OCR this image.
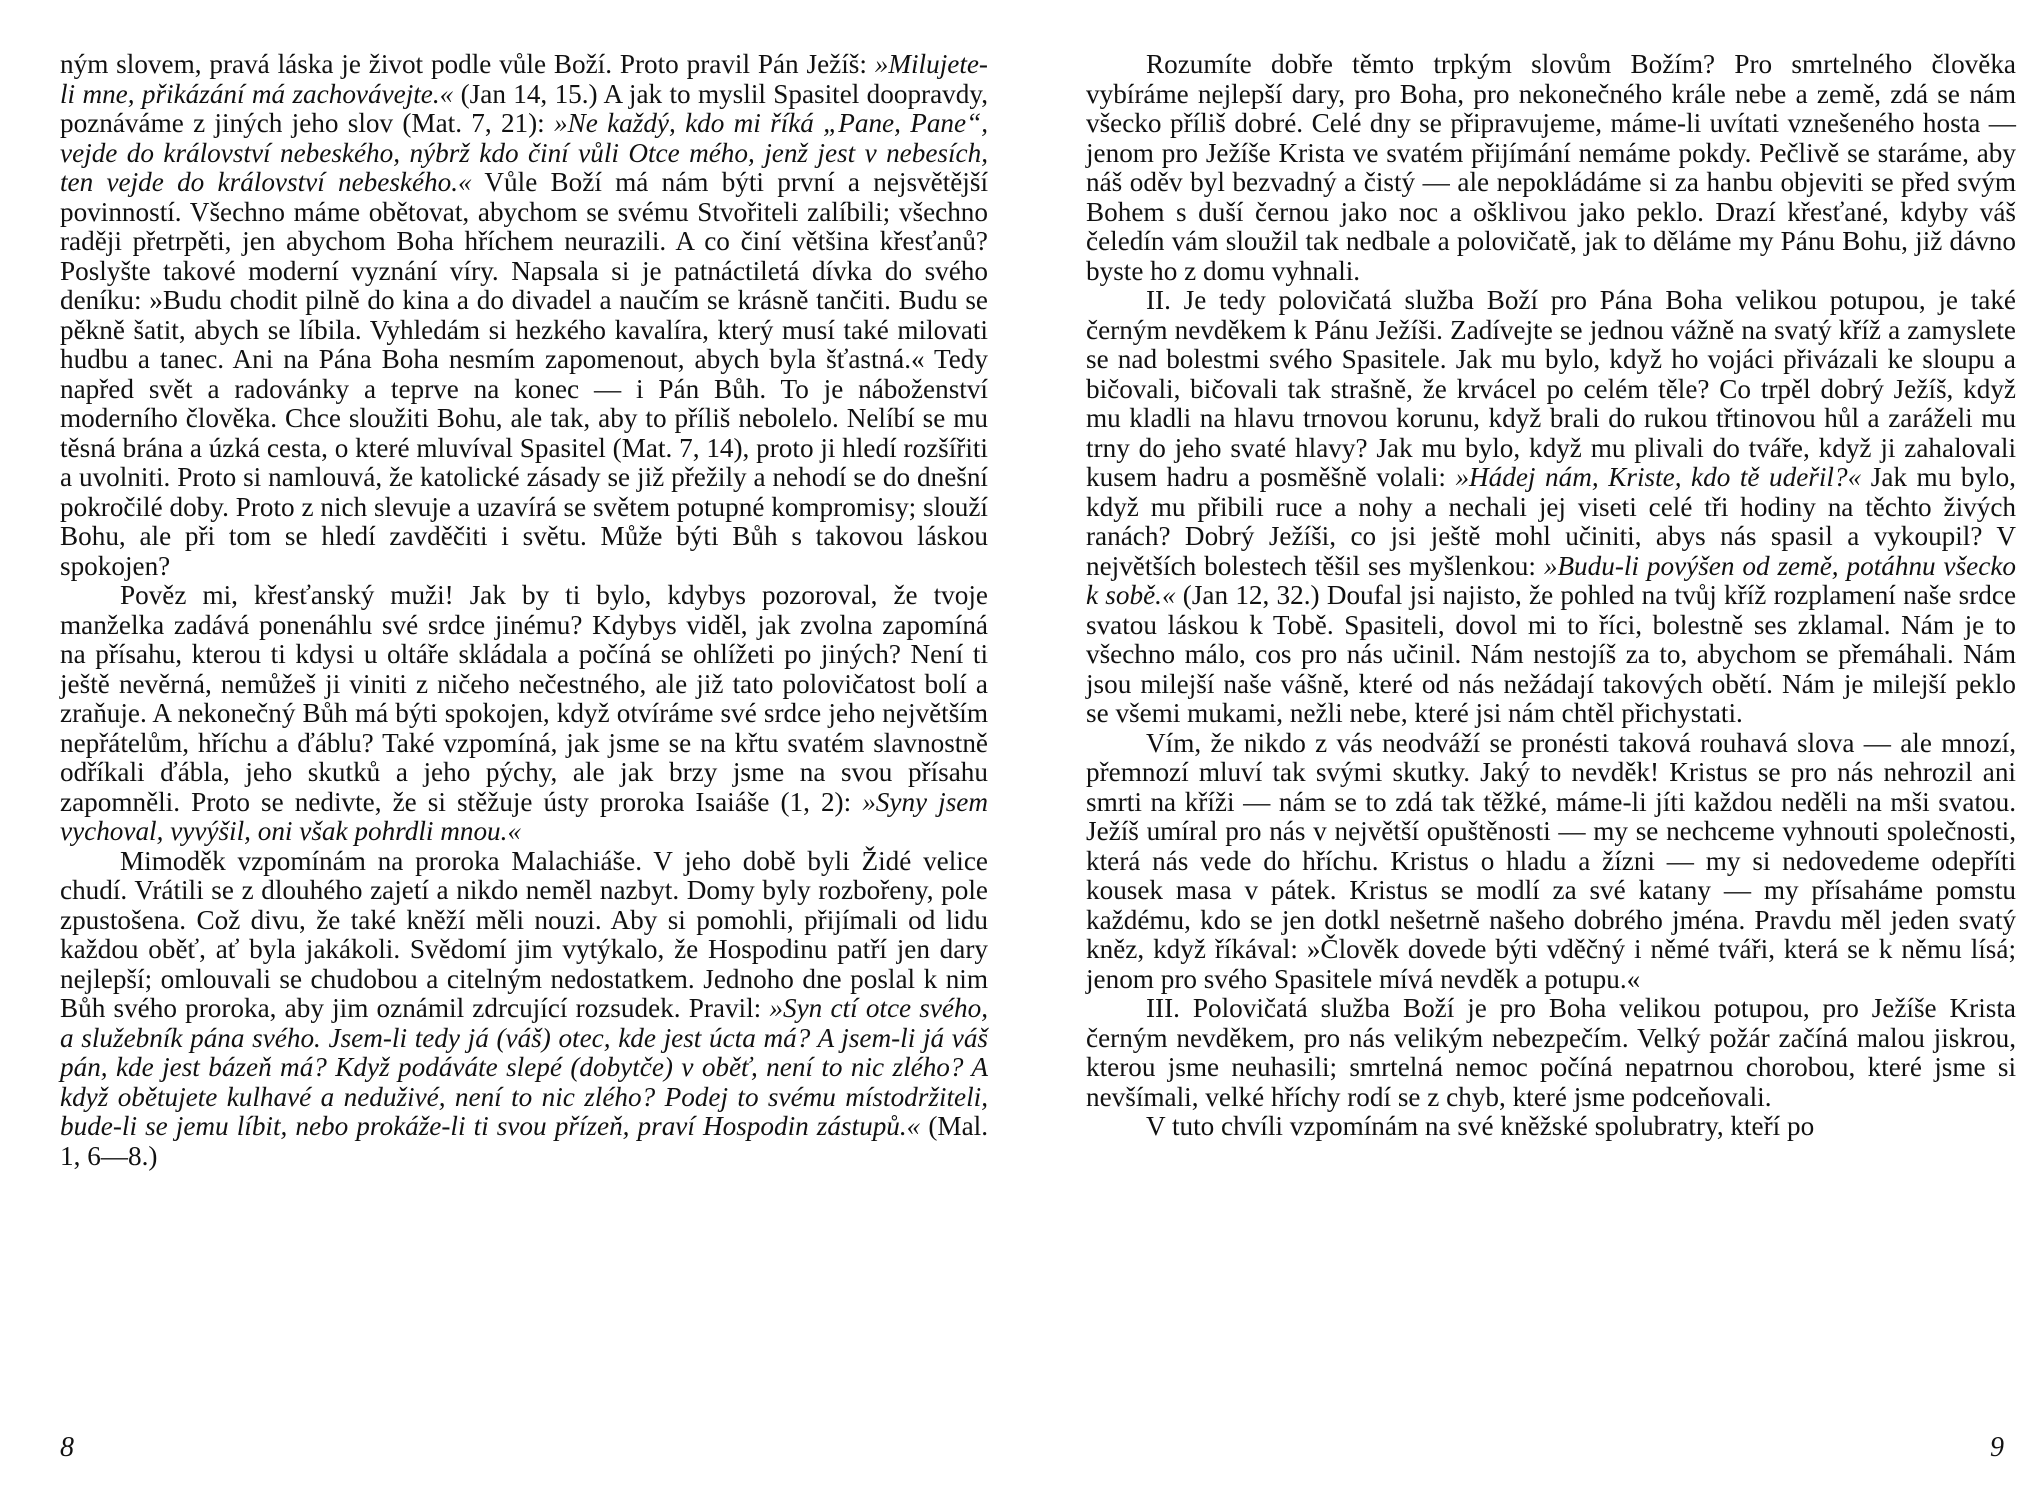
ným slovem, pravá láska je život podle vůle Boží. Proto pravil Pán Ježíš: »Milujete-li mne, přikázání má zachovávejte.« (Jan 14, 15.) A jak to myslil Spasitel doopravdy, poznáváme z jiných jeho slov (Mat. 7, 21): »Ne každý, kdo mi říká „Pane, Pane“, vejde do království nebeského, nýbrž kdo činí vůli Otce mého, jenž jest v nebesích, ten vejde do království nebeského.« Vůle Boží má nám býti první a nejsvětější povinností. Všechno máme obětovat, abychom se svému Stvořiteli zalíbili; všechno raději přetrpěti, jen abychom Boha hříchem neurazili. A co činí většina křesťanů? Poslyšte takové moderní vyznání víry. Napsala si je patnáctiletá dívka do svého deníku: »Budu chodit pilně do kina a do divadel a naučím se krásně tančiti. Budu se pěkně šatit, abych se líbila. Vyhledám si hezkého kavalíra, který musí také milovati hudbu a tanec. Ani na Pána Boha nesmím zapomenout, abych byla šťastná.« Tedy napřed svět a radovánky a teprve na konec — i Pán Bůh. To je náboženství moderního člověka. Chce sloužiti Bohu, ale tak, aby to příliš nebolelo. Nelíbí se mu těsná brána a úzká cesta, o které mluvíval Spasitel (Mat. 7, 14), proto ji hledí rozšířiti a uvolniti. Proto si namlouvá, že katolické zásady se již přežily a nehodí se do dnešní pokročilé doby. Proto z nich slevuje a uzavírá se světem potupné kompromisy; slouží Bohu, ale při tom se hledí zavděčiti i světu. Může býti Bůh s takovou láskou spokojen?

Pověz mi, křesťanský muži! Jak by ti bylo, kdybys pozoroval, že tvoje manželka zadává ponenáhlu své srdce jinému? Kdybys viděl, jak zvolna zapomíná na přísahu, kterou ti kdysi u oltáře skládala a počíná se ohlížeti po jiných? Není ti ještě nevěrná, nemůžeš ji viniti z ničeho nečestného, ale již tato polovičatost bolí a zraňuje. A nekonečný Bůh má býti spokojen, když otvíráme své srdce jeho největším nepřátelům, hříchu a ďáblu? Také vzpomíná, jak jsme se na křtu svatém slavnostně odříkali ďábla, jeho skutků a jeho pýchy, ale jak brzy jsme na svou přísahu zapomněli. Proto se nedivte, že si stěžuje ústy proroka Isaiáše (1, 2): »Syny jsem vychoval, vyvýšil, oni však pohrdli mnou.«

Mimoděk vzpomínám na proroka Malachiáše. V jeho době byli Židé velice chudí. Vrátili se z dlouhého zajetí a nikdo neměl nazbyt. Domy byly rozbořeny, pole zpustošena. Což divu, že také kněží měli nouzi. Aby si pomohli, přijímali od lidu každou oběť, ať byla jakákoli. Svědomí jim vytýkalo, že Hospodinu patří jen dary nejlepší; omlouvali se chudobou a citelným nedostatkem. Jednoho dne poslal k nim Bůh svého proroka, aby jim oznámil zdrcující rozsudek. Pravil: »Syn ctí otce svého, a služebník pána svého. Jsem-li tedy já (váš) otec, kde jest úcta má? A jsem-li já váš pán, kde jest bázeň má? Když podáváte slepé (dobytče) v oběť, není to nic zlého? A když obětujete kulhavé a neduživé, není to nic zlého? Podej to svému místodržiteli, bude-li se jemu líbit, nebo prokáže-li ti svou přízeň, praví Hospodin zástupů.« (Mal. 1, 6—8.)

8

Rozumíte dobře těmto trpkým slovům Božím? Pro smrtelného člověka vybíráme nejlepší dary, pro Boha, pro nekonečného krále nebe a země, zdá se nám všecko příliš dobré. Celé dny se připravujeme, máme-li uvítati vznešeného hosta — jenom pro Ježíše Krista ve svatém přijímání nemáme pokdy. Pečlivě se staráme, aby náš oděv byl bezvadný a čistý — ale nepokládáme si za hanbu objeviti se před svým Bohem s duší černou jako noc a ošklivou jako peklo. Drazí křesťané, kdyby váš čeledín vám sloužil tak nedbale a polovičatě, jak to děláme my Pánu Bohu, již dávno byste ho z domu vyhnali.

II. Je tedy polovičatá služba Boží pro Pána Boha velikou potupou, je také černým nevděkem k Pánu Ježíši. Zadívejte se jednou vážně na svatý kříž a zamyslete se nad bolestmi svého Spasitele. Jak mu bylo, když ho vojáci přivázali ke sloupu a bičovali, bičovali tak strašně, že krvácel po celém těle? Co trpěl dobrý Ježíš, když mu kladli na hlavu trnovou korunu, když brali do rukou třtinovou hůl a zaráželi mu trny do jeho svaté hlavy? Jak mu bylo, když mu plivali do tváře, když ji zahalovali kusem hadru a posměšně volali: »Hádej nám, Kriste, kdo tě udeřil?« Jak mu bylo, když mu přibili ruce a nohy a nechali jej viseti celé tři hodiny na těchto živých ranách? Dobrý Ježíši, co jsi ještě mohl učiniti, abys nás spasil a vykoupil? V největších bolestech těšil ses myšlenkou: »Budu-li povýšen od země, potáhnu všecko k sobě.« (Jan 12, 32.) Doufal jsi najisto, že pohled na tvůj kříž rozplamení naše srdce svatou láskou k Tobě. Spasiteli, dovol mi to říci, bolestně ses zklamal. Nám je to všechno málo, cos pro nás učinil. Nám nestojíš za to, abychom se přemáhali. Nám jsou milejší naše vášně, které od nás nežádají takových obětí. Nám je milejší peklo se všemi mukami, nežli nebe, které jsi nám chtěl přichystati.

Vím, že nikdo z vás neodváží se pronésti taková rouhavá slova — ale mnozí, přemnozí mluví tak svými skutky. Jaký to nevděk! Kristus se pro nás nehrozil ani smrti na kříži — nám se to zdá tak těžké, máme-li jíti každou neděli na mši svatou. Ježíš umíral pro nás v největší opuštěnosti — my se nechceme vyhnouti společnosti, která nás vede do hříchu. Kristus o hladu a žízni — my si nedovedeme odepříti kousek masa v pátek. Kristus se modlí za své katany — my přísaháme pomstu každému, kdo se jen dotkl nešetrně našeho dobrého jména. Pravdu měl jeden svatý kněz, když říkával: »Člověk dovede býti vděčný i němé tváři, která se k němu lísá; jenom pro svého Spasitele mívá nevděk a potupu.«

III. Polovičatá služba Boží je pro Boha velikou potupou, pro Ježíše Krista černým nevděkem, pro nás velikým nebezpečím. Velký požár začíná malou jiskrou, kterou jsme neuhasili; smrtelná nemoc počíná nepatrnou chorobou, které jsme si nevšímali, velké hříchy rodí se z chyb, které jsme podceňovali.

V tuto chvíli vzpomínám na své kněžské spolubratry, kteří po

9
